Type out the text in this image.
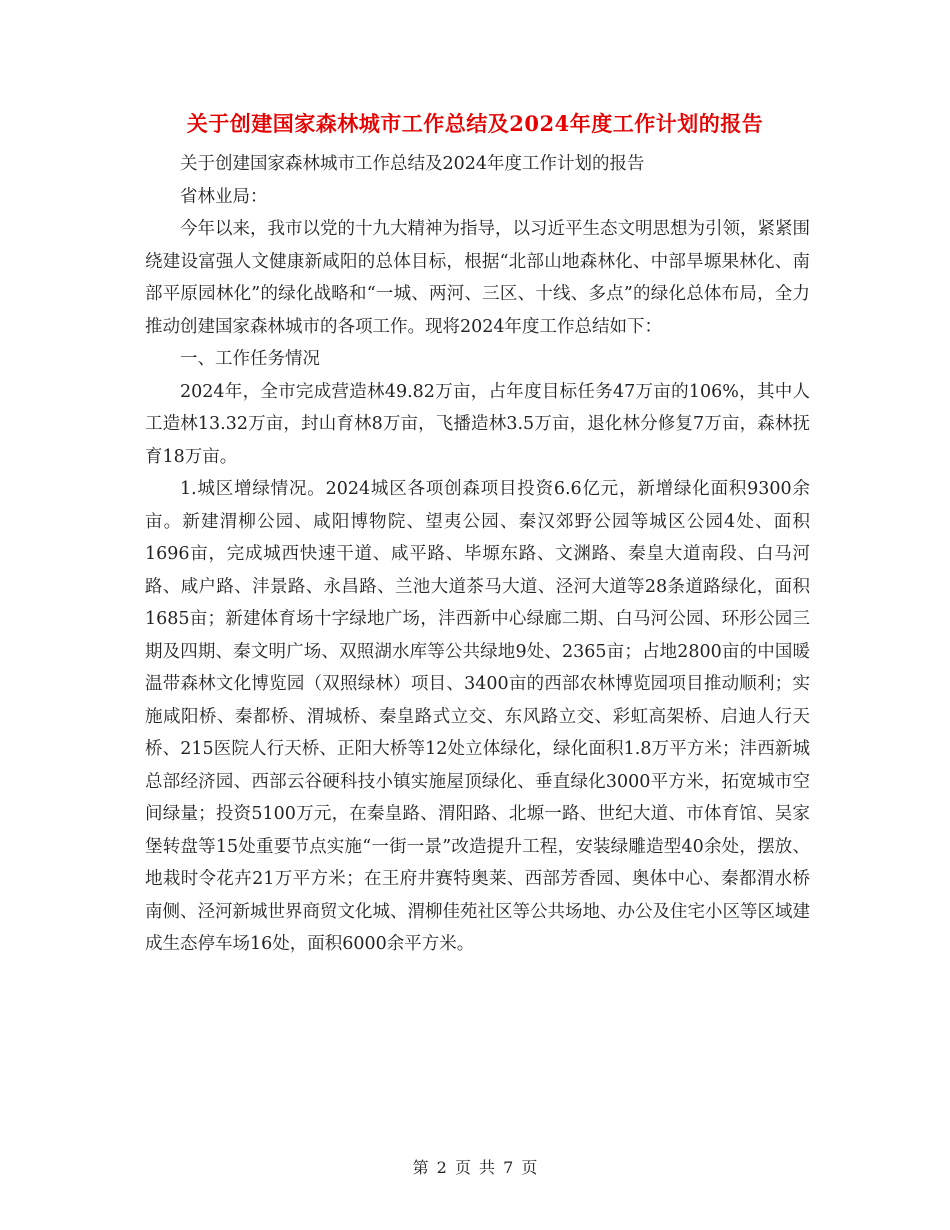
关于创建国家森林城市工作总结及2024年度工作计划的报告

关于创建国家森林城市工作总结及2024年度工作计划的报告

省林业局：

今年以来，我市以党的十九大精神为指导，以习近平生态文明思想为引领，紧紧围绕建设富强人文健康新咸阳的总体目标，根据“北部山地森林化、中部旱塬果林化、南部平原园林化”的绿化战略和“一城、两河、三区、十线、多点”的绿化总体布局，全力推动创建国家森林城市的各项工作。现将2024年度工作总结如下：

一、工作任务情况

2024年，全市完成营造林49.82万亩，占年度目标任务47万亩的106%，其中人工造林13.32万亩，封山育林8万亩，飞播造林3.5万亩，退化林分修复7万亩，森林抚育18万亩。

1.城区增绿情况。2024城区各项创森项目投资6.6亿元，新增绿化面积9300余亩。新建渭柳公园、咸阳博物院、望夷公园、秦汉郊野公园等城区公园4处、面积1696亩，完成城西快速干道、咸平路、毕塬东路、文渊路、秦皇大道南段、白马河路、咸户路、沣景路、永昌路、兰池大道茶马大道、泾河大道等28条道路绿化，面积1685亩；新建体育场十字绿地广场，沣西新中心绿廊二期、白马河公园、环形公园三期及四期、秦文明广场、双照湖水库等公共绿地9处、2365亩；占地2800亩的中国暖温带森林文化博览园（双照绿林）项目、3400亩的西部农林博览园项目推动顺利；实施咸阳桥、秦都桥、渭城桥、秦皇路式立交、东风路立交、彩虹高架桥、启迪人行天桥、215医院人行天桥、正阳大桥等12处立体绿化，绿化面积1.8万平方米；沣西新城总部经济园、西部云谷硬科技小镇实施屋顶绿化、垂直绿化3000平方米，拓宽城市空间绿量；投资5100万元，在秦皇路、渭阳路、北塬一路、世纪大道、市体育馆、吴家堡转盘等15处重要节点实施“一街一景”改造提升工程，安装绿雕造型40余处，摆放、地栽时令花卉21万平方米；在王府井赛特奥莱、西部芳香园、奥体中心、秦都渭水桥南侧、泾河新城世界商贸文化城、渭柳佳苑社区等公共场地、办公及住宅小区等区域建成生态停车场16处，面积6000余平方米。

第 2 页 共 7 页
